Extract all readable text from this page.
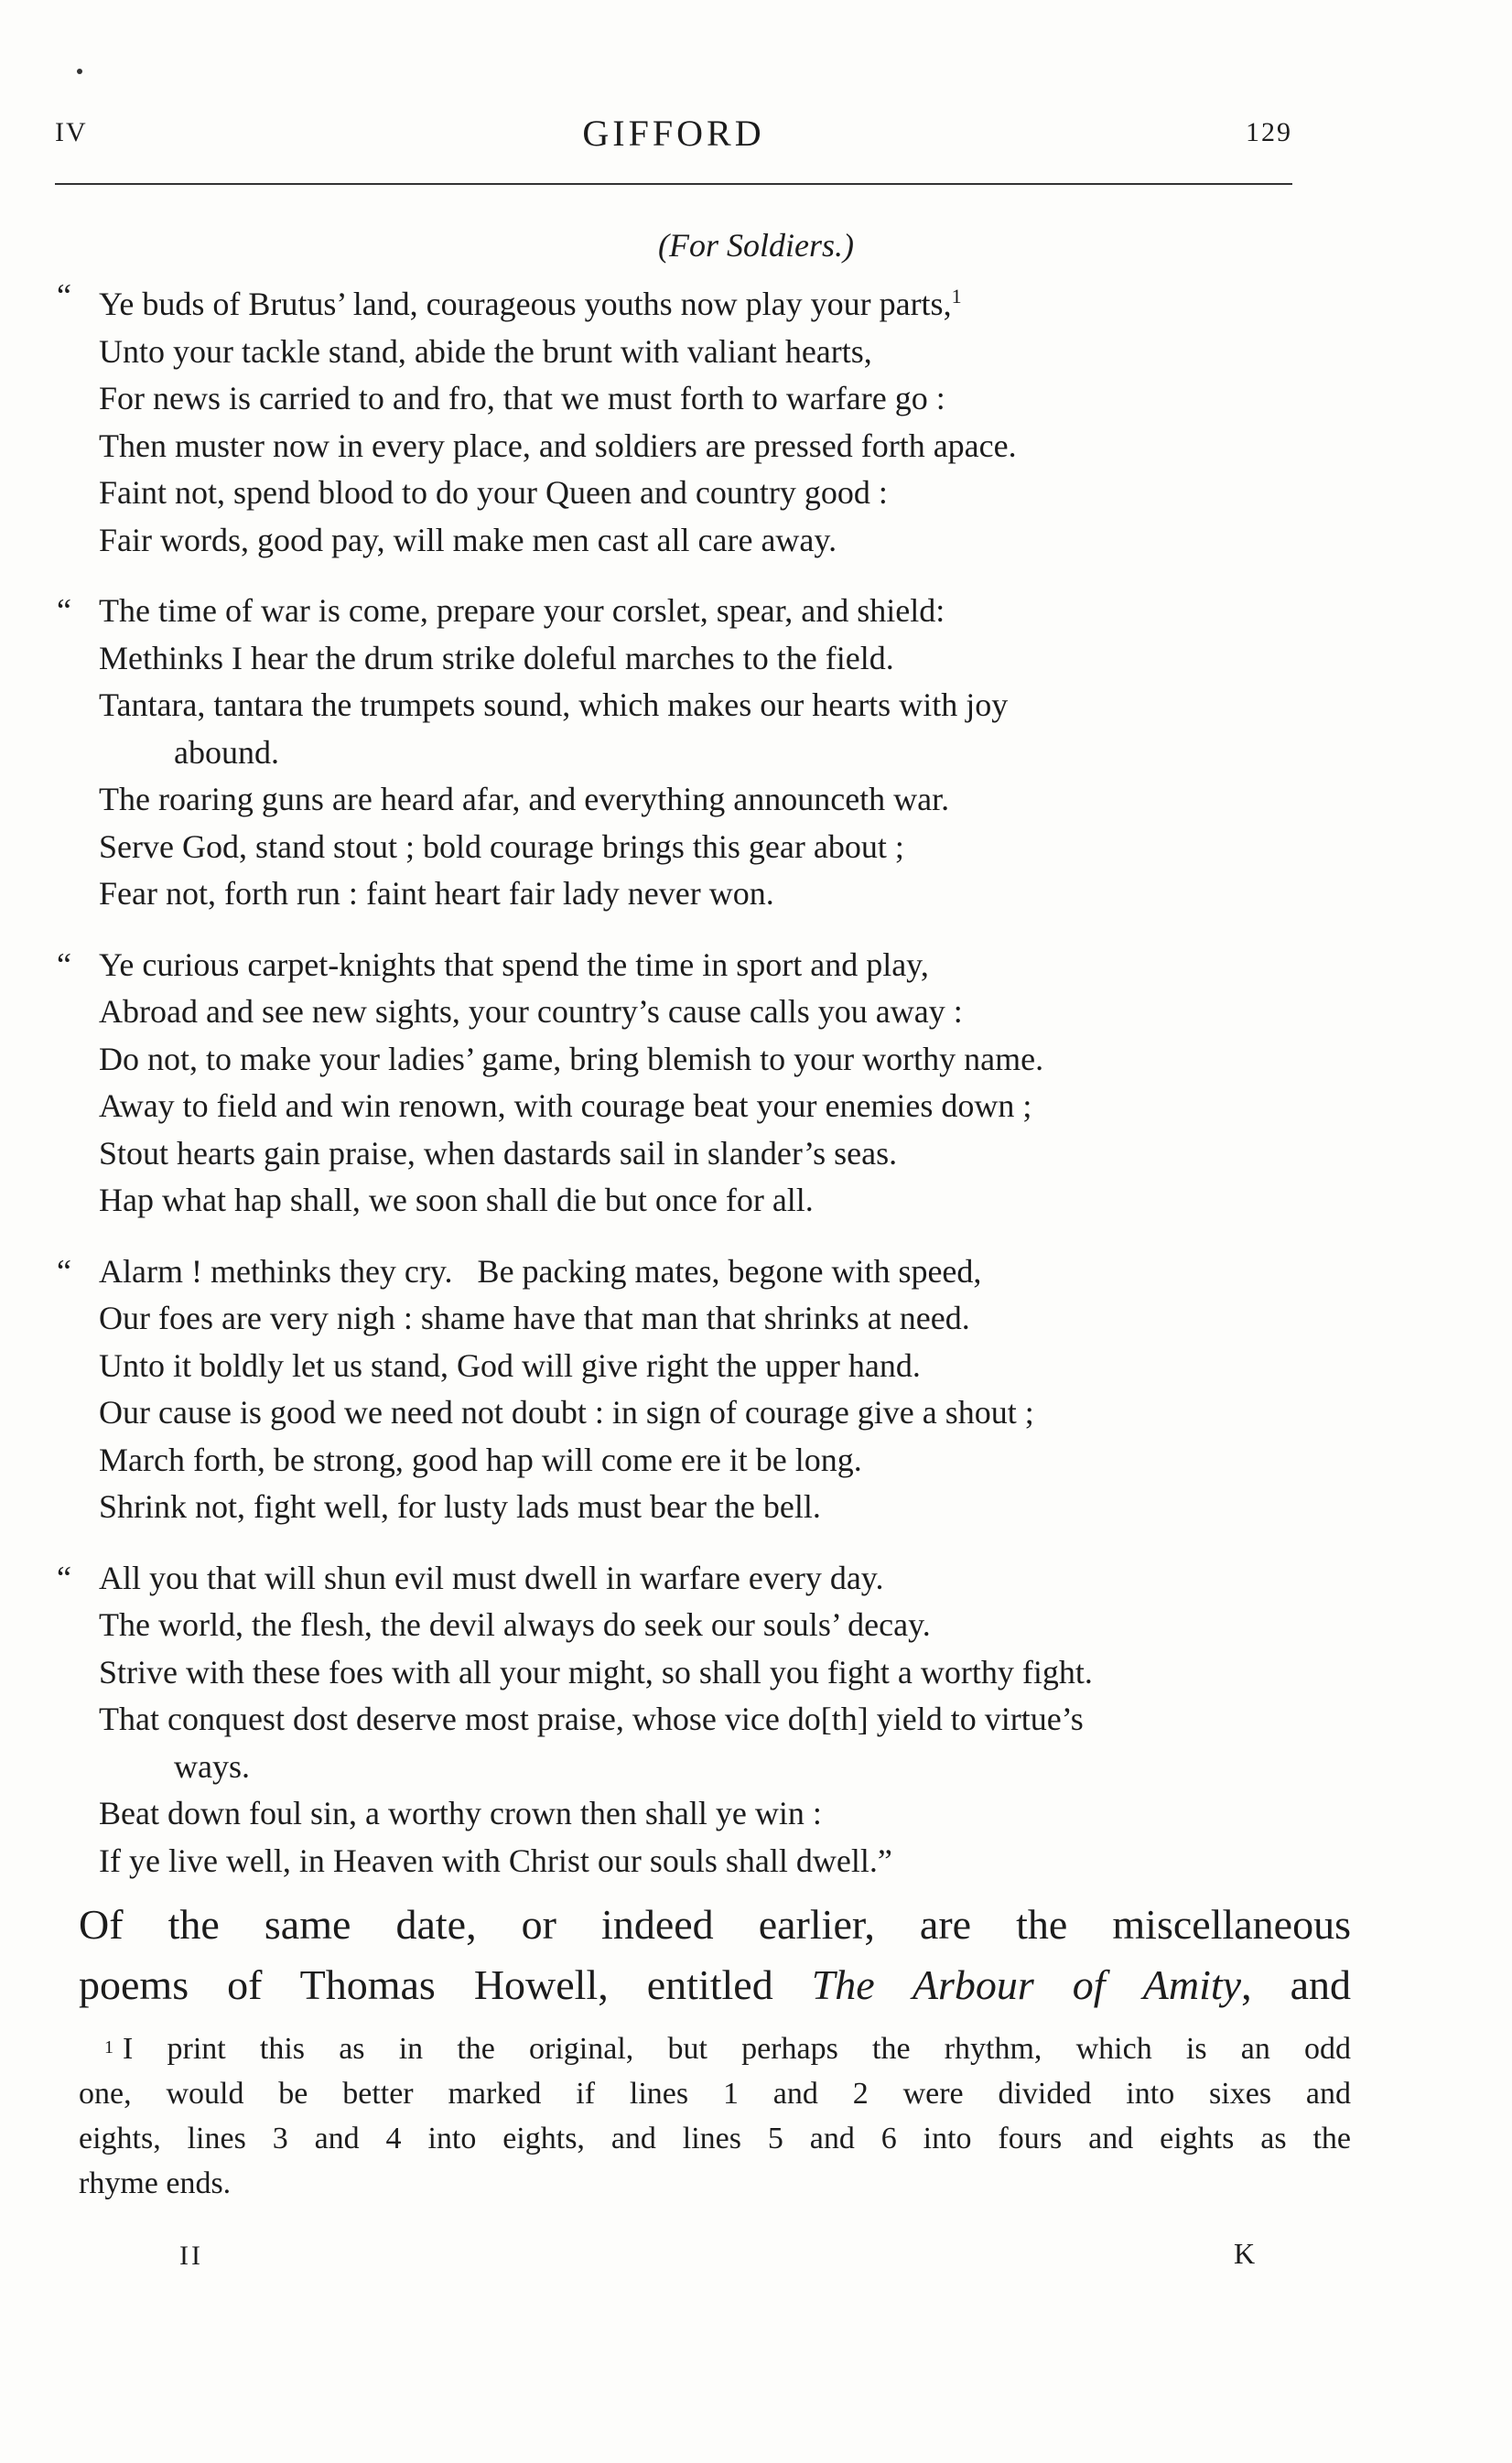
IV	GIFFORD	129
(For Soldiers.)
“ Ye buds of Brutus’ land, courageous youths now play your parts,$^1$
Unto your tackle stand, abide the brunt with valiant hearts,
For news is carried to and fro, that we must forth to warfare go :
Then muster now in every place, and soldiers are pressed forth apace.
Faint not, spend blood to do your Queen and country good :
Fair words, good pay, will make men cast all care away.
“ The time of war is come, prepare your corslet, spear, and shield:
Methinks I hear the drum strike doleful marches to the field.
Tantara, tantara the trumpets sound, which makes our hearts with joy
abound.
The roaring guns are heard afar, and everything announceth war.
Serve God, stand stout ; bold courage brings this gear about ;
Fear not, forth run : faint heart fair lady never won.
“ Ye curious carpet-knights that spend the time in sport and play,
Abroad and see new sights, your country’s cause calls you away :
Do not, to make your ladies’ game, bring blemish to your worthy name.
Away to field and win renown, with courage beat your enemies down ;
Stout hearts gain praise, when dastards sail in slander’s seas.
Hap what hap shall, we soon shall die but once for all.
“ Alarm ! methinks they cry.   Be packing mates, begone with speed,
Our foes are very nigh : shame have that man that shrinks at need.
Unto it boldly let us stand, God will give right the upper hand.
Our cause is good we need not doubt : in sign of courage give a shout ;
March forth, be strong, good hap will come ere it be long.
Shrink not, fight well, for lusty lads must bear the bell.
“ All you that will shun evil must dwell in warfare every day.
The world, the flesh, the devil always do seek our souls’ decay.
Strive with these foes with all your might, so shall you fight a worthy fight.
That conquest dost deserve most praise, whose vice do[th] yield to virtue’s
ways.
Beat down foul sin, a worthy crown then shall ye win :
If ye live well, in Heaven with Christ our souls shall dwell.”
Of the same date, or indeed earlier, are the miscellaneous
poems of Thomas Howell, entitled The Arbour of Amity, and
$^1$ I print this as in the original, but perhaps the rhythm, which is an odd
one, would be better marked if lines 1 and 2 were divided into sixes and
eights, lines 3 and 4 into eights, and lines 5 and 6 into fours and eights as the
rhyme ends.
II	K
